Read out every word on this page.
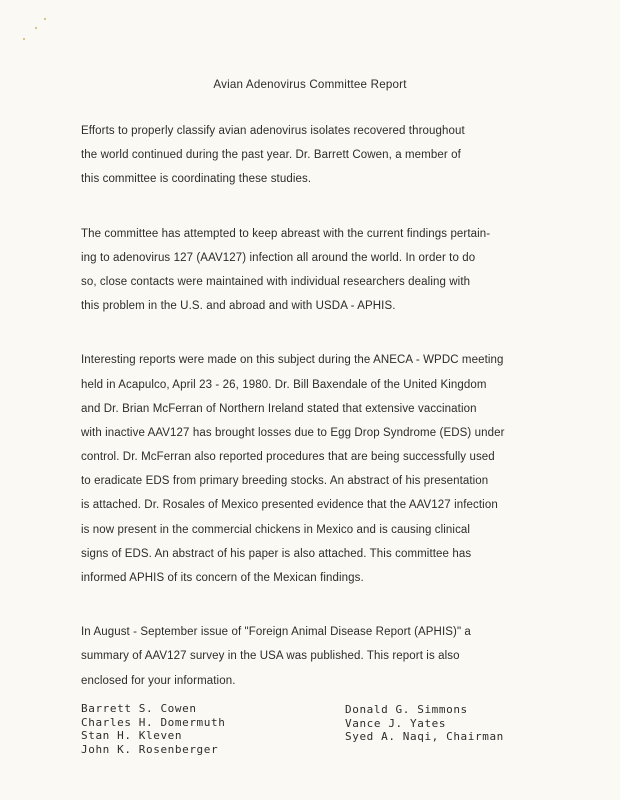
Avian Adenovirus Committee Report
Efforts to properly classify avian adenovirus isolates recovered throughout
the world continued during the past year. Dr. Barrett Cowen, a member of
this committee is coordinating these studies.
The committee has attempted to keep abreast with the current findings pertain-
ing to adenovirus 127 (AAV127) infection all around the world. In order to do
so, close contacts were maintained with individual researchers dealing with
this problem in the U.S. and abroad and with USDA - APHIS.
Interesting reports were made on this subject during the ANECA - WPDC meeting
held in Acapulco, April 23 - 26, 1980. Dr. Bill Baxendale of the United Kingdom
and Dr. Brian McFerran of Northern Ireland stated that extensive vaccination
with inactive AAV127 has brought losses due to Egg Drop Syndrome (EDS) under
control. Dr. McFerran also reported procedures that are being successfully used
to eradicate EDS from primary breeding stocks. An abstract of his presentation
is attached. Dr. Rosales of Mexico presented evidence that the AAV127 infection
is now present in the commercial chickens in Mexico and is causing clinical
signs of EDS. An abstract of his paper is also attached. This committee has
informed APHIS of its concern of the Mexican findings.
In August - September issue of "Foreign Animal Disease Report (APHIS)" a
summary of AAV127 survey in the USA was published. This report is also
enclosed for your information.
Barrett S. Cowen
Charles H. Domermuth
Stan H. Kleven
John K. Rosenberger
Donald G. Simmons
Vance J. Yates
Syed A. Naqi, Chairman
